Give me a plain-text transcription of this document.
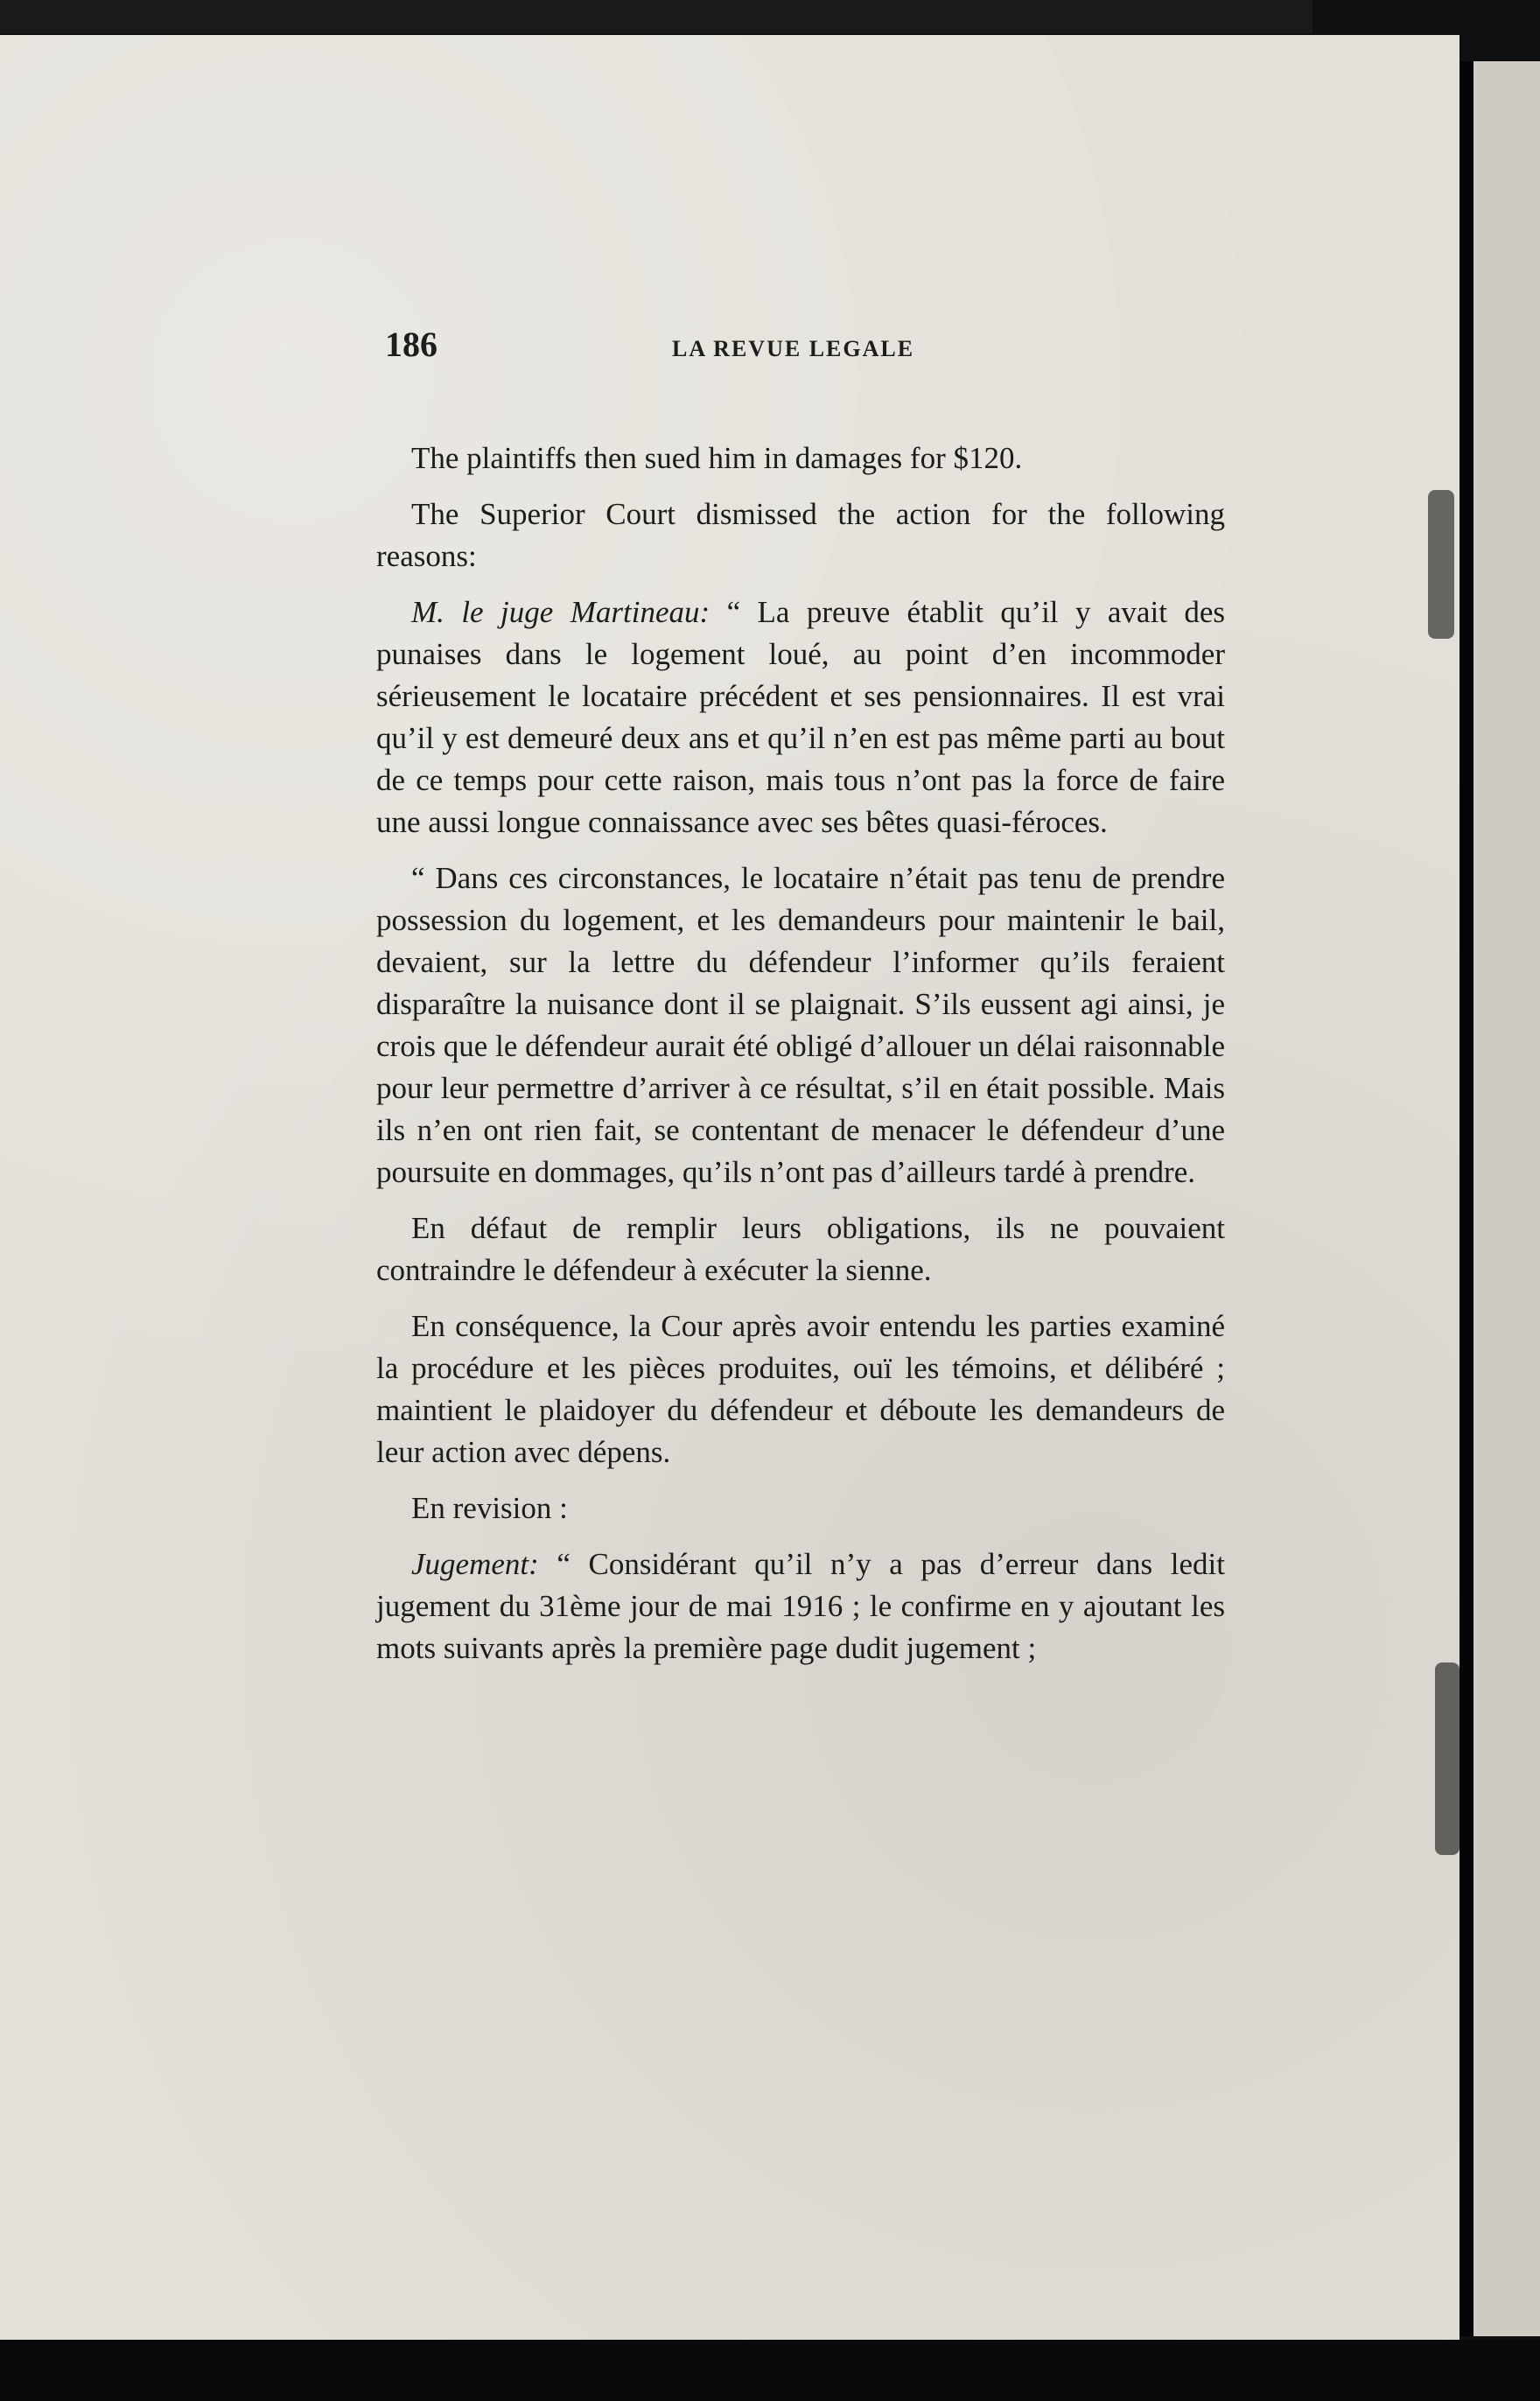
186	LA REVUE LEGALE

The plaintiffs then sued him in damages for $120.

The Superior Court dismissed the action for the following reasons:

M. le juge Martineau: “ La preuve établit qu’il y avait des punaises dans le logement loué, au point d’en incommoder sérieusement le locataire précédent et ses pensionnaires. Il est vrai qu’il y est demeuré deux ans et qu’il n’en est pas même parti au bout de ce temps pour cette raison, mais tous n’ont pas la force de faire une aussi longue connaissance avec ses bêtes quasi-féroces.

“ Dans ces circonstances, le locataire n’était pas tenu de prendre possession du logement, et les demandeurs pour maintenir le bail, devaient, sur la lettre du défendeur l’informer qu’ils feraient disparaître la nuisance dont il se plaignait. S’ils eussent agi ainsi, je crois que le défendeur aurait été obligé d’allouer un délai raisonnable pour leur permettre d’arriver à ce résultat, s’il en était possible. Mais ils n’en ont rien fait, se contentant de menacer le défendeur d’une poursuite en dommages, qu’ils n’ont pas d’ailleurs tardé à prendre.

En défaut de remplir leurs obligations, ils ne pouvaient contraindre le défendeur à exécuter la sienne.

En conséquence, la Cour après avoir entendu les parties examiné la procédure et les pièces produites, ouï les témoins, et délibéré ; maintient le plaidoyer du défendeur et déboute les demandeurs de leur action avec dépens.

En revision :

Jugement: “ Considérant qu’il n’y a pas d’erreur dans ledit jugement du 31ème jour de mai 1916 ; le confirme en y ajoutant les mots suivants après la première page dudit jugement ;
